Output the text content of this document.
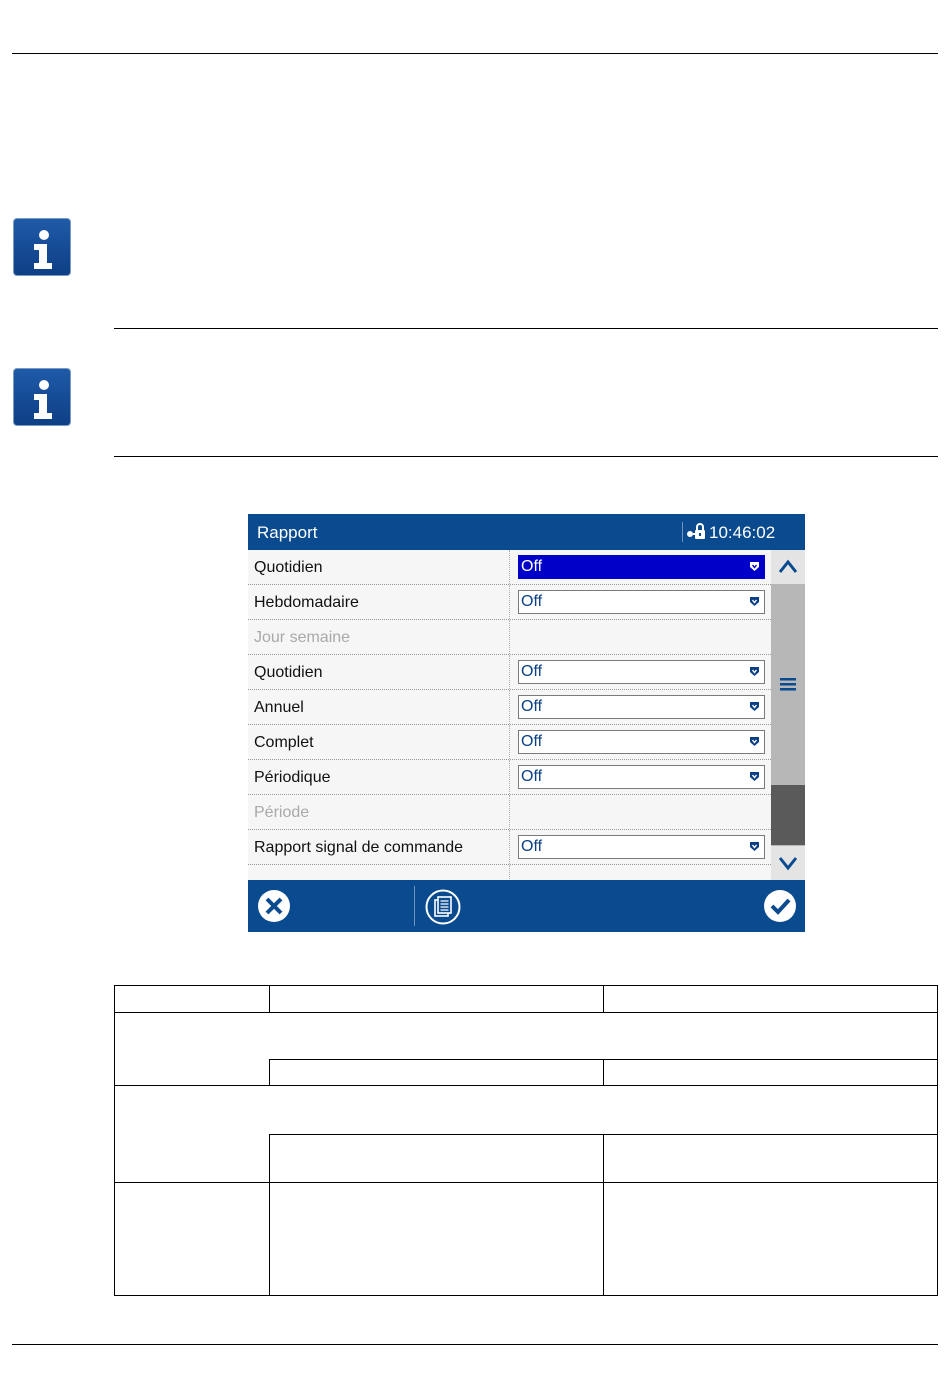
Rapport	10:46:02
Quotidien	Off
Hebdomadaire	Off
Jour semaine
Quotidien	Off
Annuel	Off
Complet	Off
Périodique	Off
Période
Rapport signal de commande	Off
